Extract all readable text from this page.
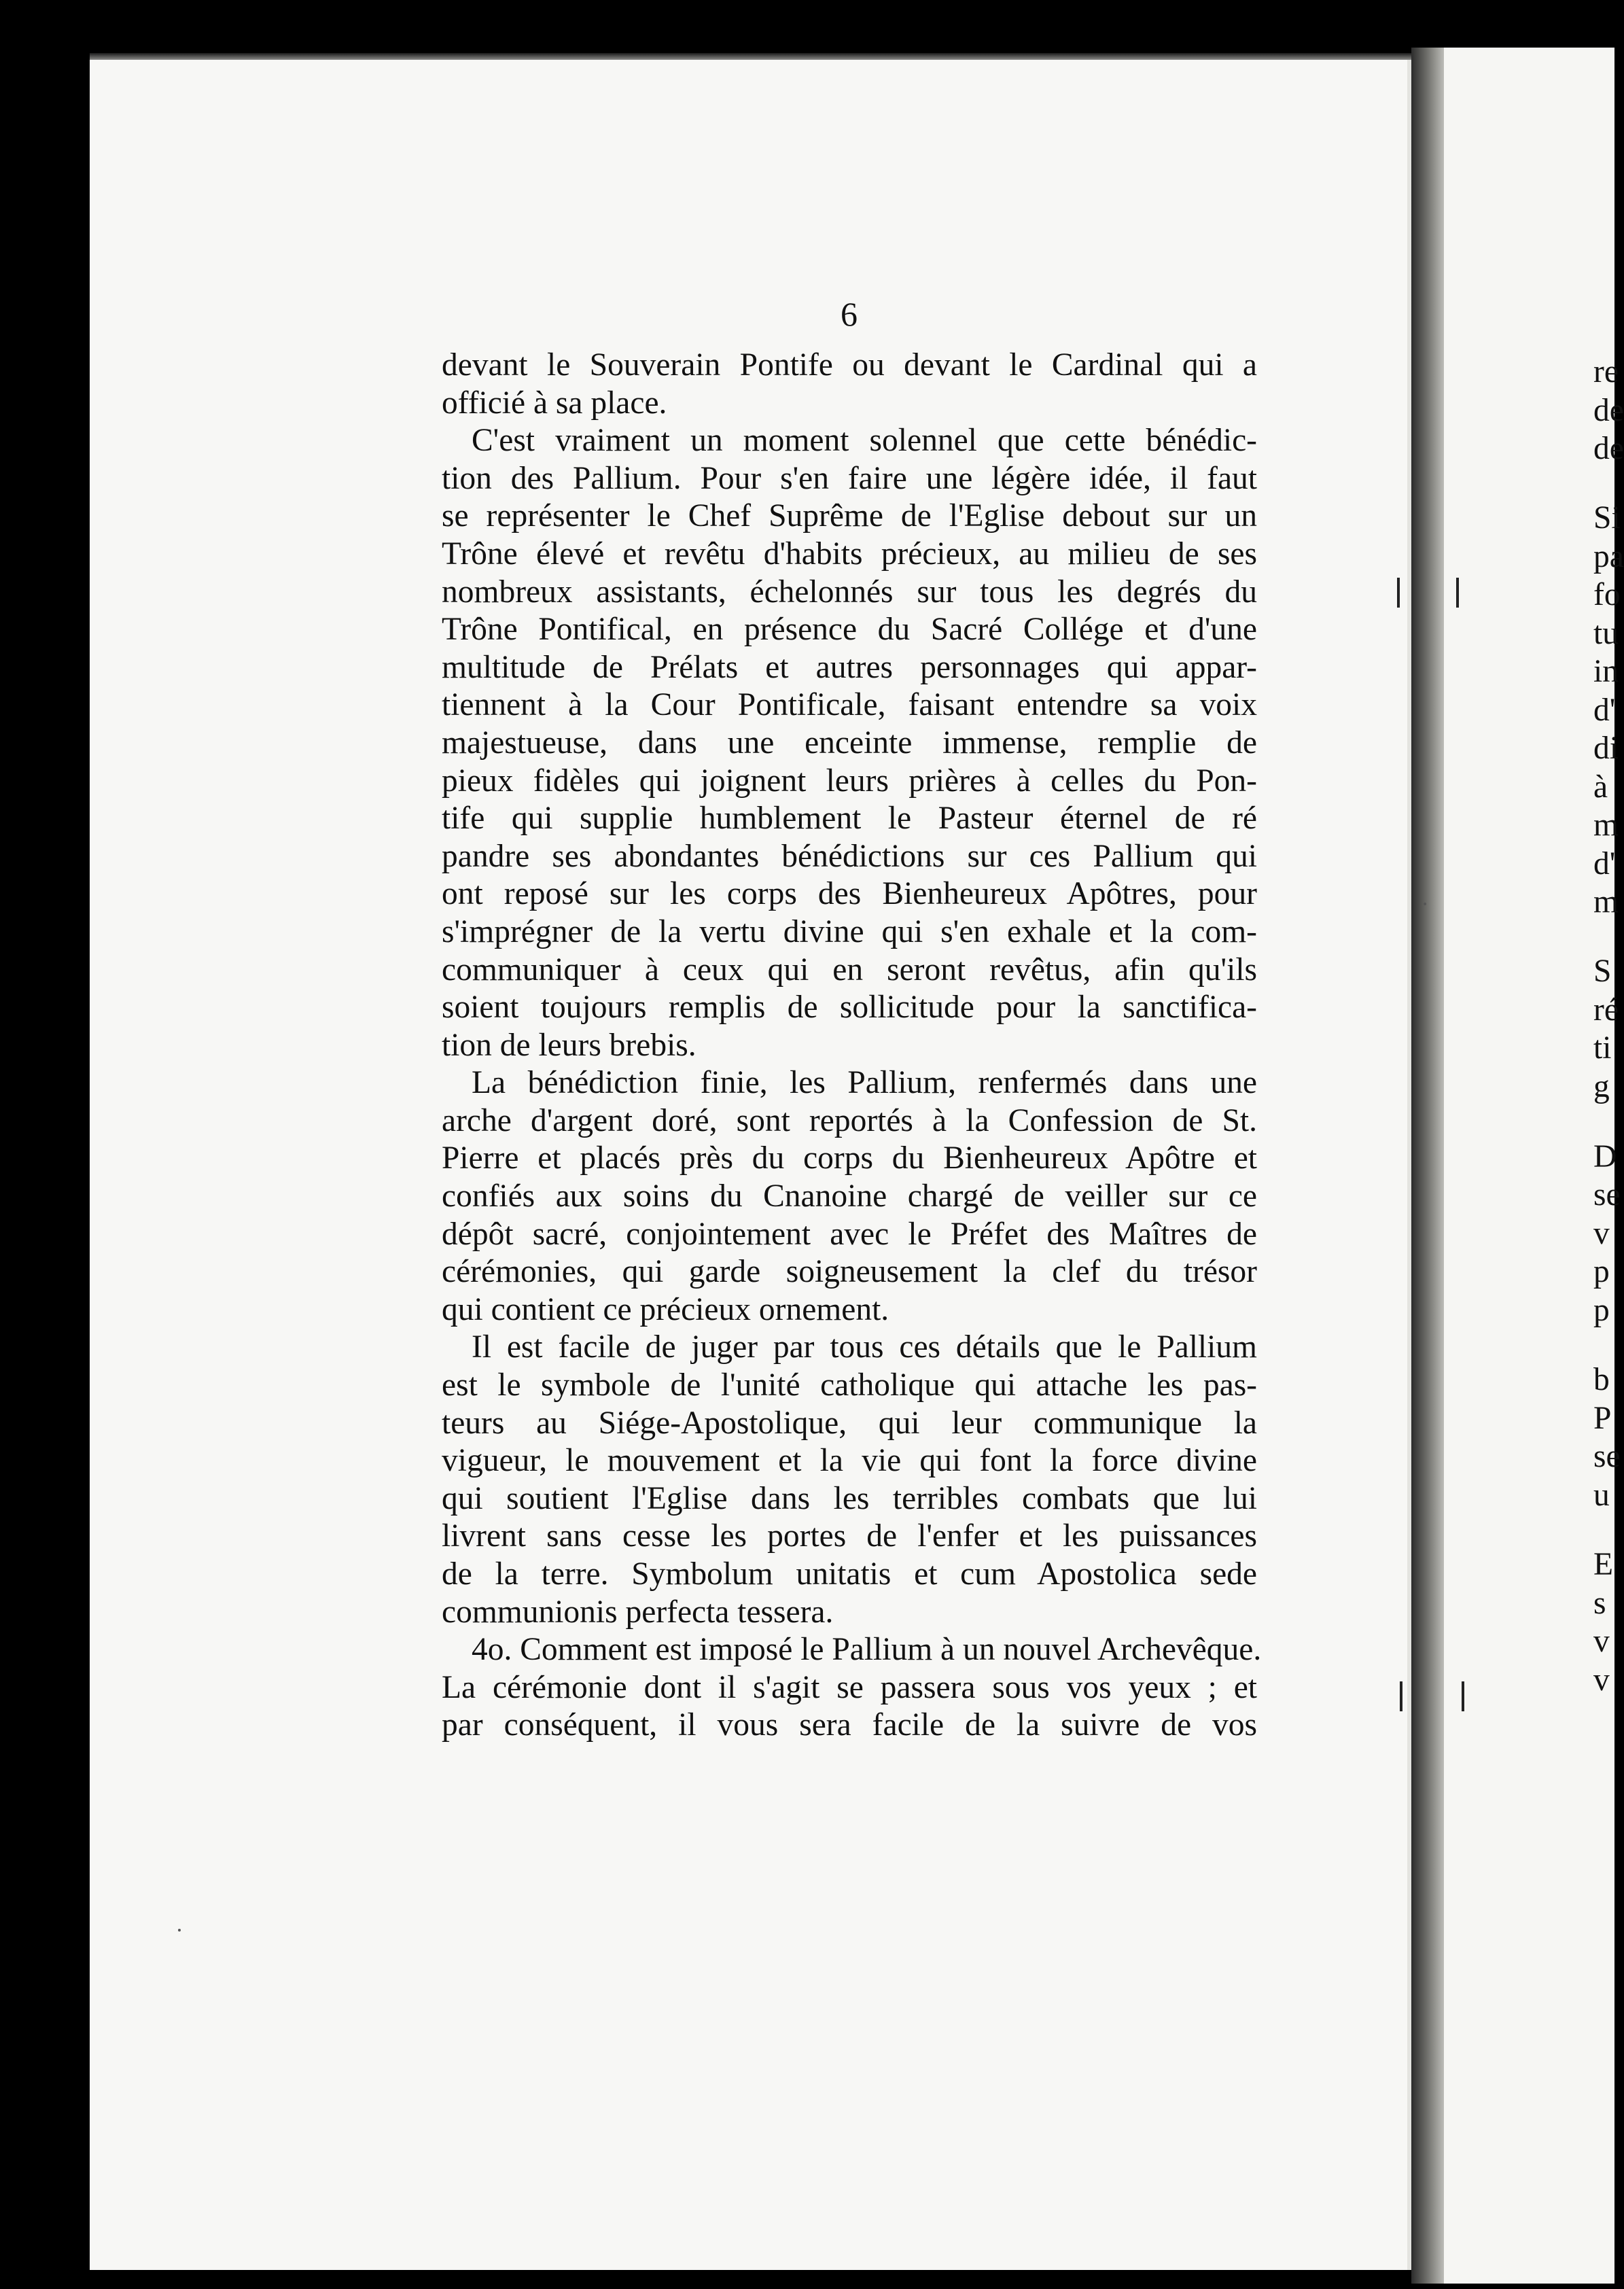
6
devant le Souverain Pontife ou devant le Cardinal qui a
officié à sa place.
C'est vraiment un moment solennel que cette bénédic-
tion des Pallium. Pour s'en faire une légère idée, il faut
se représenter le Chef Suprême de l'Eglise debout sur un
Trône élevé et revêtu d'habits précieux, au milieu de ses
nombreux assistants, échelonnés sur tous les degrés du
Trône Pontifical, en présence du Sacré Collége et d'une
multitude de Prélats et autres personnages qui appar-
tiennent à la Cour Pontificale, faisant entendre sa voix
majestueuse, dans une enceinte immense, remplie de
pieux fidèles qui joignent leurs prières à celles du Pon-
tife qui supplie humblement le Pasteur éternel de ré
pandre ses abondantes bénédictions sur ces Pallium qui
ont reposé sur les corps des Bienheureux Apôtres, pour
s'imprégner de la vertu divine qui s'en exhale et la com-
communiquer à ceux qui en seront revêtus, afin qu'ils
soient toujours remplis de sollicitude pour la sanctifica-
tion de leurs brebis.
La bénédiction finie, les Pallium, renfermés dans une
arche d'argent doré, sont reportés à la Confession de St.
Pierre et placés près du corps du Bienheureux Apôtre et
confiés aux soins du Cnanoine chargé de veiller sur ce
dépôt sacré, conjointement avec le Préfet des Maîtres de
cérémonies, qui garde soigneusement la clef du trésor
qui contient ce précieux ornement.
Il est facile de juger par tous ces détails que le Pallium
est le symbole de l'unité catholique qui attache les pas-
teurs au Siége-Apostolique, qui leur communique la
vigueur, le mouvement et la vie qui font la force divine
qui soutient l'Eglise dans les terribles combats que lui
livrent sans cesse les portes de l'enfer et les puissances
de la terre. Symbolum unitatis et cum Apostolica sede
communionis perfecta tessera.
4o. Comment est imposé le Pallium à un nouvel Archevêque.
La cérémonie dont il s'agit se passera sous vos yeux ; et
par conséquent, il vous sera facile de la suivre de vos
re
de
de
Si
pa
fo
tu
in
d'
di
à
m
d'
m
S
ré
ti
g
D
se
v
p
p
b
P
se
u
E
s
v
v
